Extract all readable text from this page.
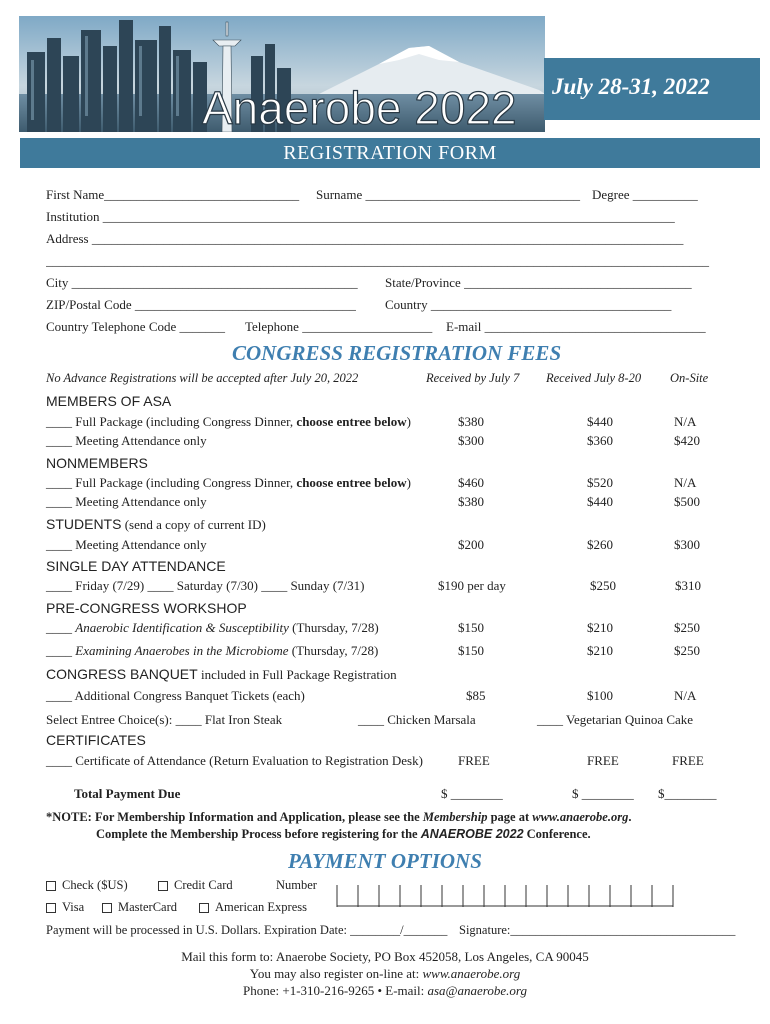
Anaerobe 2022 July 28-31, 2022
REGISTRATION FORM
First Name______________________________ Surname _________________________________ Degree __________
Institution ________________________________________________________________________________________
Address ___________________________________________________________________________________________
______________________________________________________________________________________________________
City ____________________________________________ State/Province ___________________________________
ZIP/Postal Code __________________________________ Country _____________________________________
Country Telephone Code _______ Telephone ____________________ E-mail __________________________________
CONGRESS REGISTRATION FEES
No Advance Registrations will be accepted after July 20, 2022	Received by July 7 Received July 8-20 On-Site
MEMBERS OF ASA
____ Full Package (including Congress Dinner, choose entree below)	$380	$440	N/A
____ Meeting Attendance only	$300	$360	$420
NONMEMBERS
____ Full Package (including Congress Dinner, choose entree below)	$460	$520	N/A
____ Meeting Attendance only	$380	$440	$500
STUDENTS (send a copy of current ID)
____ Meeting Attendance only	$200	$260	$300
SINGLE DAY ATTENDANCE
____ Friday (7/29) ____ Saturday (7/30) ____ Sunday (7/31)	$190 per day	$250	$310
PRE-CONGRESS WORKSHOP
____ Anaerobic Identification & Susceptibility (Thursday, 7/28)	$150	$210	$250
____ Examining Anaerobes in the Microbiome (Thursday, 7/28)	$150	$210	$250
CONGRESS BANQUET included in Full Package Registration
____ Additional Congress Banquet Tickets (each)	$85	$100	N/A
Select Entree Choice(s): ____ Flat Iron Steak	____ Chicken Marsala	____ Vegetarian Quinoa Cake
CERTIFICATES
____ Certificate of Attendance (Return Evaluation to Registration Desk)	FREE	FREE	FREE
Total Payment Due	$ ________	$ ________ $________
*NOTE: For Membership Information and Application, please see the Membership page at www.anaerobe.org.
Complete the Membership Process before registering for the ANAEROBE 2022 Conference.
PAYMENT OPTIONS
Check ($US)	Credit Card	Number
Visa	MasterCard	American Express
Payment will be processed in U.S. Dollars. Expiration Date: ________/_______ Signature:____________________________________
Mail this form to: Anaerobe Society, PO Box 452058, Los Angeles, CA 90045
You may also register on-line at: www.anaerobe.org
Phone: +1-310-216-9265 • E-mail: asa@anaerobe.org
